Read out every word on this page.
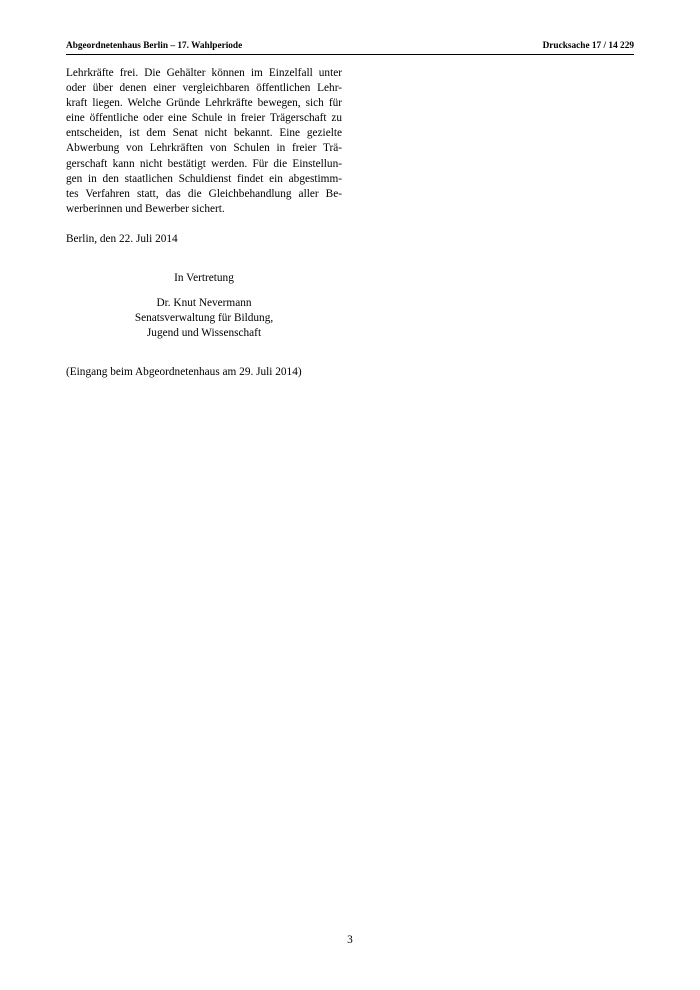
Abgeordnetenhaus Berlin – 17. Wahlperiode	Drucksache 17 / 14 229
Lehrkräfte frei. Die Gehälter können im Einzelfall unter
oder über denen einer vergleichbaren öffentlichen Lehr-
kraft liegen. Welche Gründe Lehrkräfte bewegen, sich für
eine öffentliche oder eine Schule in freier Trägerschaft zu
entscheiden, ist dem Senat nicht bekannt. Eine gezielte
Abwerbung von Lehrkräften von Schulen in freier Trä-
gerschaft kann nicht bestätigt werden. Für die Einstellun-
gen in den staatlichen Schuldienst findet ein abgestimm-
tes Verfahren statt, das die Gleichbehandlung aller Be-
werberinnen und Bewerber sichert.
Berlin, den 22. Juli 2014
In Vertretung
Dr. Knut Nevermann
Senatsverwaltung für Bildung,
Jugend und Wissenschaft
(Eingang beim Abgeordnetenhaus am 29. Juli 2014)
3
